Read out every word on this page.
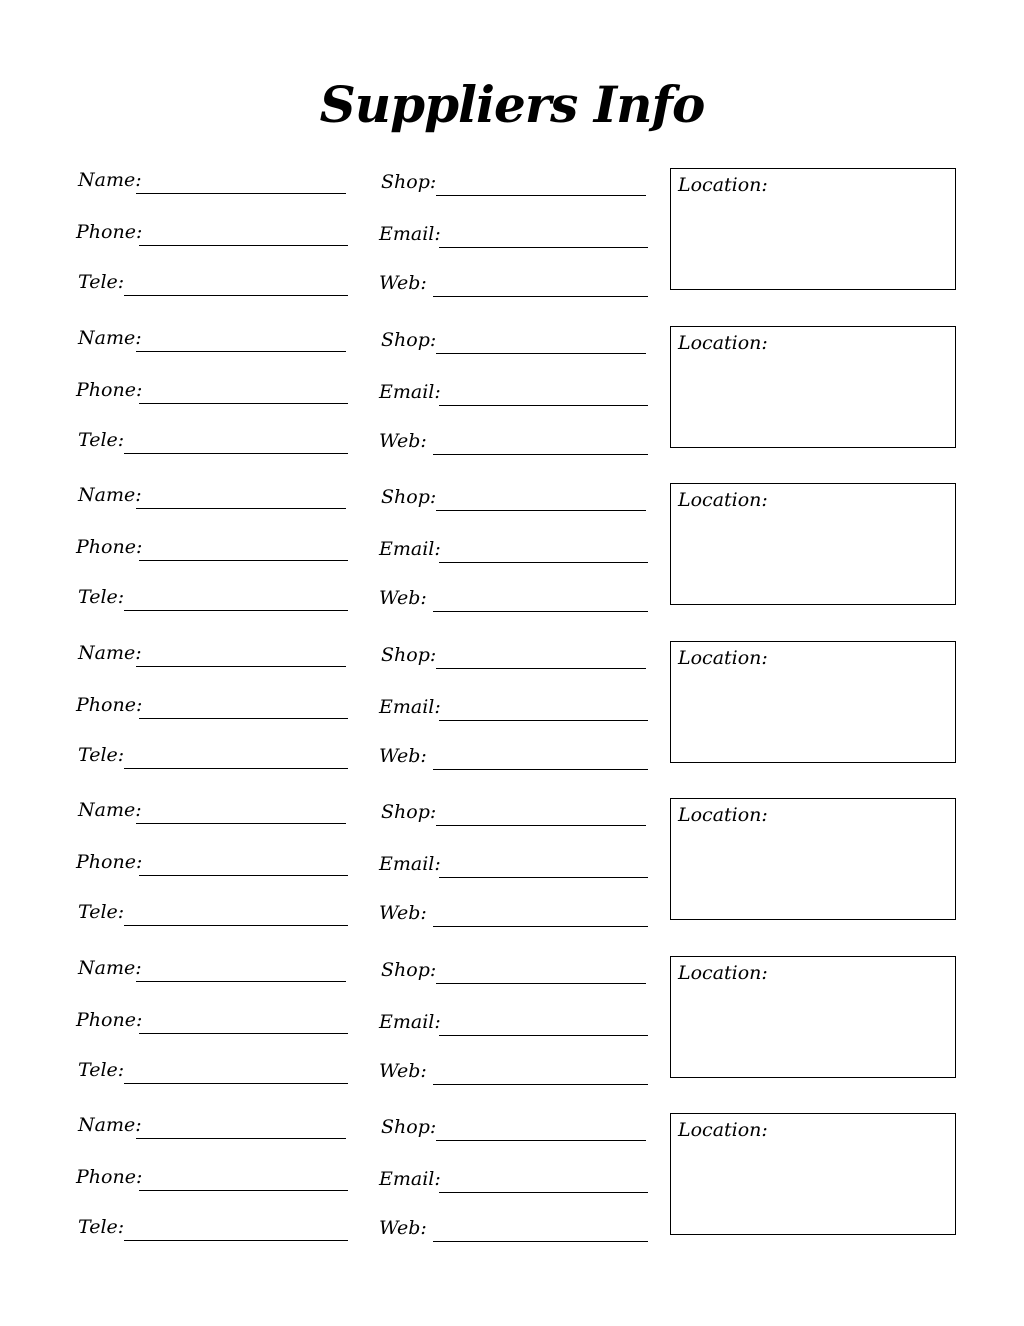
Suppliers Info
Name:
Phone:
Tele:
Shop:
Email:
Web:
Location:
Name:
Phone:
Tele:
Shop:
Email:
Web:
Location:
Name:
Phone:
Tele:
Shop:
Email:
Web:
Location:
Name:
Phone:
Tele:
Shop:
Email:
Web:
Location:
Name:
Phone:
Tele:
Shop:
Email:
Web:
Location:
Name:
Phone:
Tele:
Shop:
Email:
Web:
Location:
Name:
Phone:
Tele:
Shop:
Email:
Web:
Location:
